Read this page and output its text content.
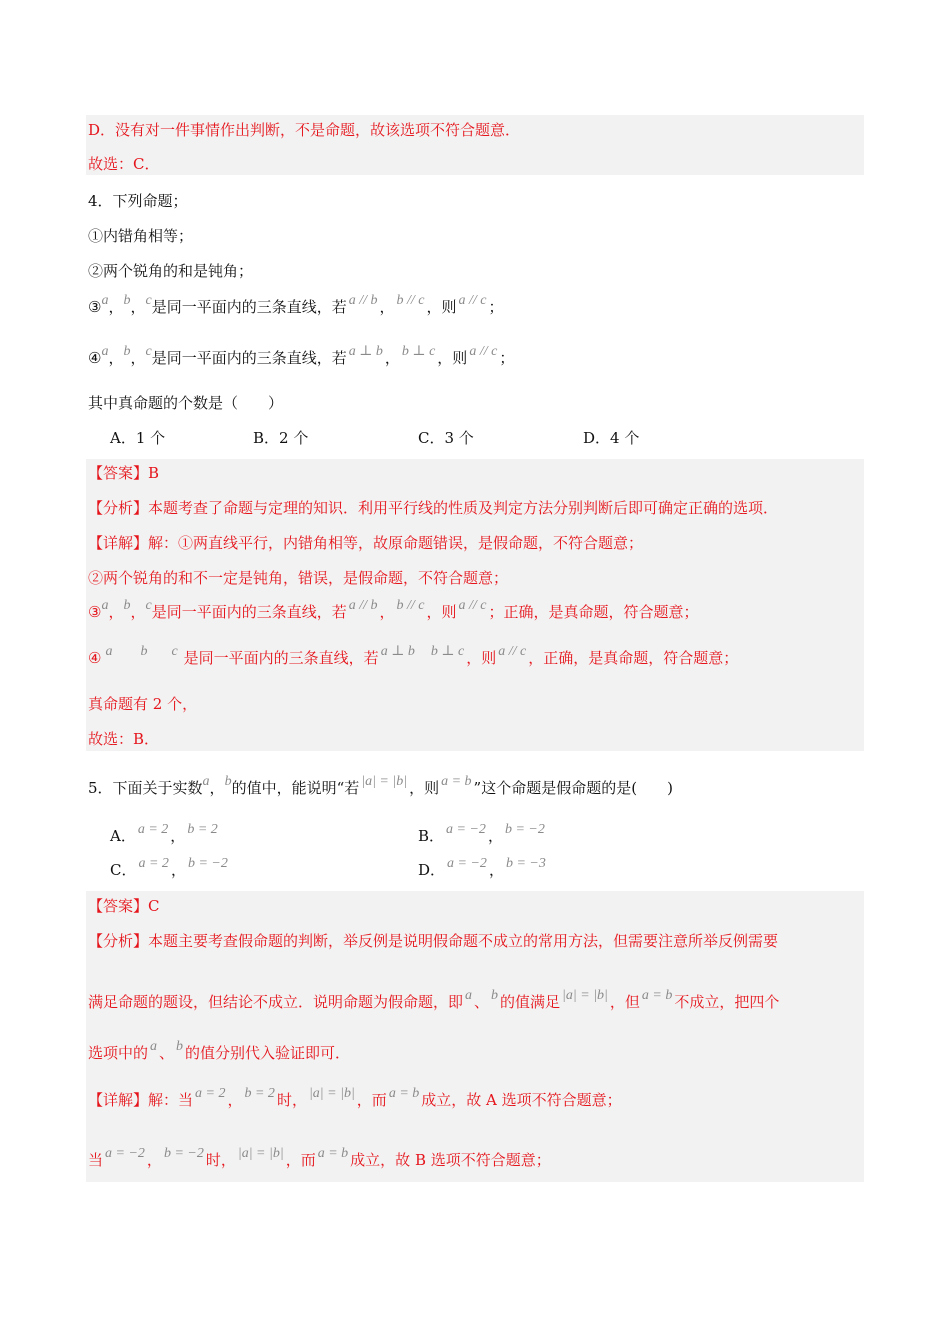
D．没有对一件事情作出判断，不是命题，故该选项不符合题意．
故选：C．
4．下列命题；
①内错角相等；
②两个锐角的和是钝角；
③a，b，c是同一平面内的三条直线，若 a // b ， b // c ，则 a // c ；
④a，b，c是同一平面内的三条直线，若 a ⊥ b ， b ⊥ c ，则 a // c ；
其中真命题的个数是（　　）
A．1 个	B．2 个	C．3 个	D．4 个
【答案】B
【分析】本题考查了命题与定理的知识．利用平行线的性质及判定方法分别判断后即可确定正确的选项．
【详解】解：①两直线平行，内错角相等，故原命题错误，是假命题，不符合题意；
②两个锐角的和不一定是钝角，错误，是假命题，不符合题意；
③a，b，c是同一平面内的三条直线，若 a // b ， b // c ，则 a // c ；正确，是真命题，符合题意；
④ a b c 是同一平面内的三条直线，若 a ⊥ b b ⊥ c ，则 a // c ，正确，是真命题，符合题意；
真命题有 2 个，
故选：B．
5．下面关于实数a，b的值中，能说明“若 |a| = |b| ，则 a = b ”这个命题是假命题的是(　　)
A． a = 2 ， b = 2	B． a = −2 ， b = −2
C． a = 2 ， b = −2	D． a = −2 ， b = −3
【答案】C
【分析】本题主要考查假命题的判断，举反例是说明假命题不成立的常用方法，但需要注意所举反例需要
满足命题的题设，但结论不成立．说明命题为假命题，即 a 、 b 的值满足 |a| = |b| ，但 a = b 不成立，把四个
选项中的 a 、 b 的值分别代入验证即可．
【详解】解：当 a = 2 ， b = 2 时， |a| = |b| ，而 a = b 成立，故 A 选项不符合题意；
当 a = −2 ， b = −2 时， |a| = |b| ，而 a = b 成立，故 B 选项不符合题意；
